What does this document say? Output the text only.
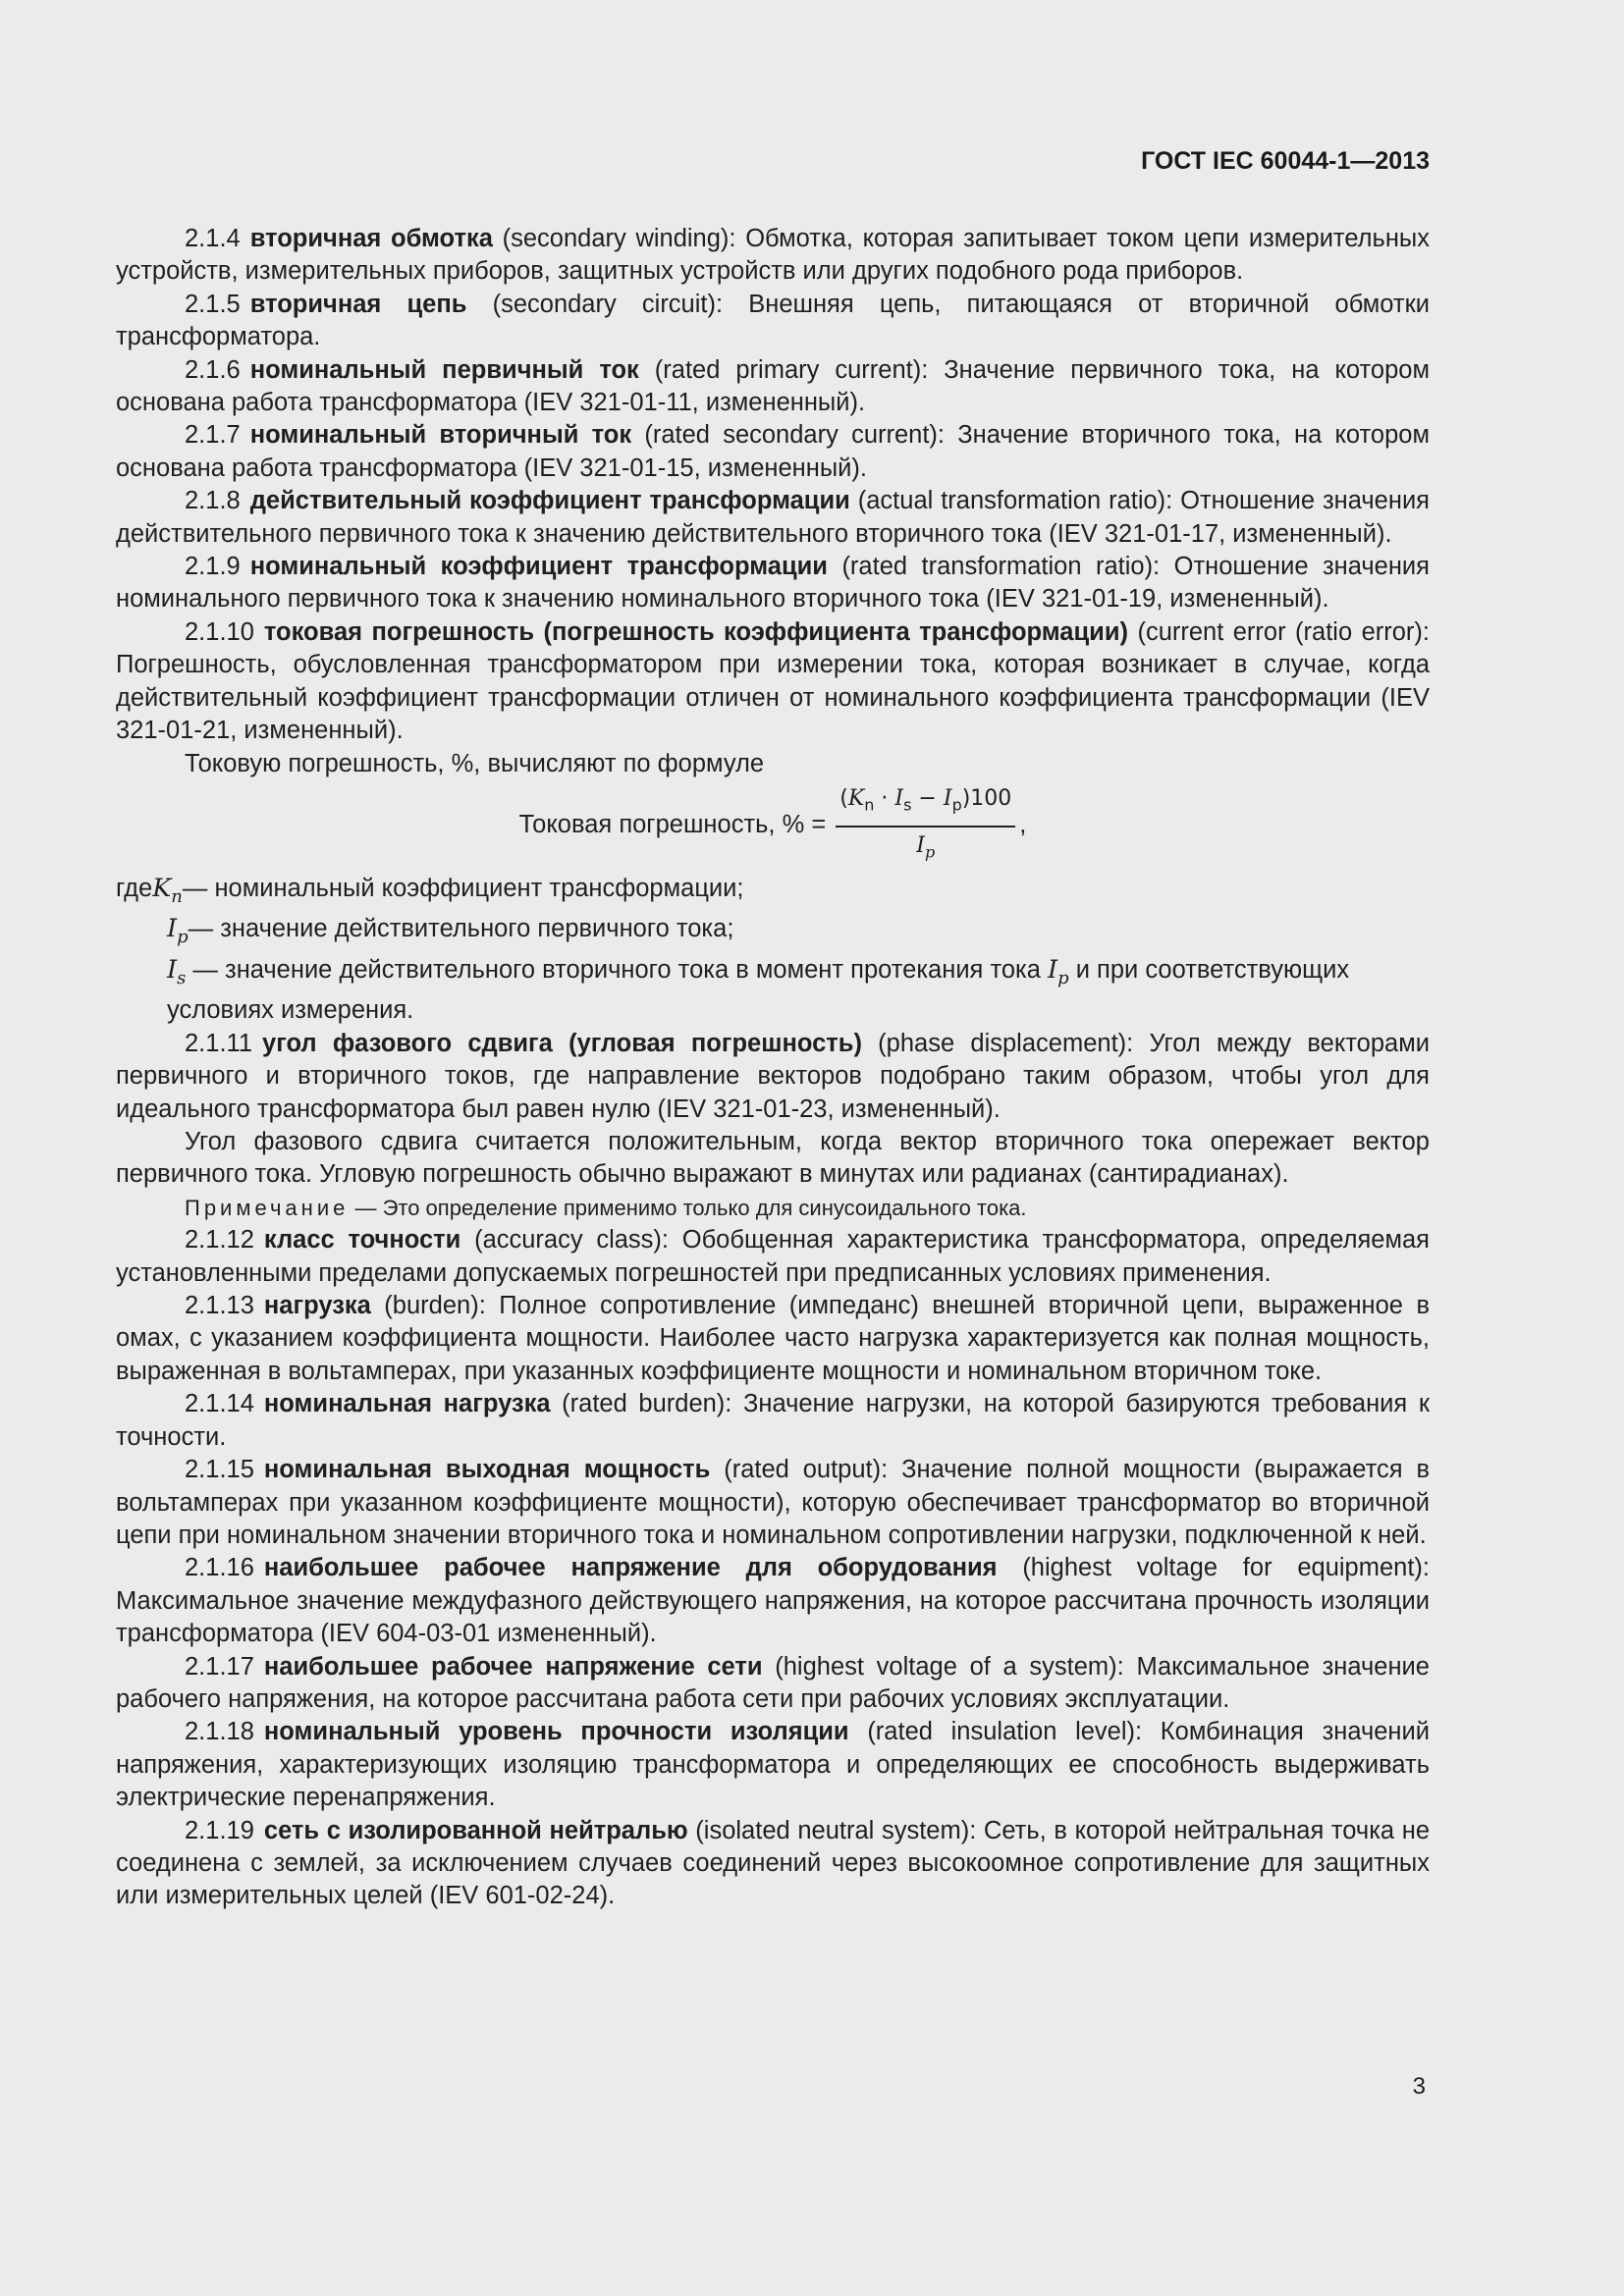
ГОСТ IEC 60044-1—2013

2.1.4 вторичная обмотка (secondary winding): Обмотка, которая запитывает током цепи измерительных устройств, измерительных приборов, защитных устройств или других подобного рода приборов.

2.1.5 вторичная цепь (secondary circuit): Внешняя цепь, питающаяся от вторичной обмотки трансформатора.

2.1.6 номинальный первичный ток (rated primary current): Значение первичного тока, на котором основана работа трансформатора (IEV 321-01-11, измененный).

2.1.7 номинальный вторичный ток (rated secondary current): Значение вторичного тока, на котором основана работа трансформатора (IEV 321-01-15, измененный).

2.1.8 действительный коэффициент трансформации (actual transformation ratio): Отношение значения действительного первичного тока к значению действительного вторичного тока (IEV 321-01-17, измененный).

2.1.9 номинальный коэффициент трансформации (rated transformation ratio): Отношение значения номинального первичного тока к значению номинального вторичного тока (IEV 321-01-19, измененный).

2.1.10 токовая погрешность (погрешность коэффициента трансформации) (current error (ratio error): Погрешность, обусловленная трансформатором при измерении тока, которая возникает в случае, когда действительный коэффициент трансформации отличен от номинального коэффициента трансформации (IEV 321-01-21, измененный).

Токовую погрешность, %, вычисляют по формуле

Токовая погрешность, % = $\frac{(K_n \cdot I_s - I_p)100}{I_p}$ ,
где $K_n$ — номинальный коэффициент трансформации;
$I_p$ — значение действительного первичного тока;
$I_s$ — значение действительного вторичного тока в момент протекания тока $I_p$ и при соответствующих условиях измерения.

2.1.11 угол фазового сдвига (угловая погрешность) (phase displacement): Угол между векторами первичного и вторичного токов, где направление векторов подобрано таким образом, чтобы угол для идеального трансформатора был равен нулю (IEV 321-01-23, измененный).

Угол фазового сдвига считается положительным, когда вектор вторичного тока опережает вектор первичного тока. Угловую погрешность обычно выражают в минутах или радианах (сантирадианах).

Примечание — Это определение применимо только для синусоидального тока.

2.1.12 класс точности (accuracy class): Обобщенная характеристика трансформатора, определяемая установленными пределами допускаемых погрешностей при предписанных условиях применения.

2.1.13 нагрузка (burden): Полное сопротивление (импеданс) внешней вторичной цепи, выраженное в омах, с указанием коэффициента мощности. Наиболее часто нагрузка характеризуется как полная мощность, выраженная в вольтамперах, при указанных коэффициенте мощности и номинальном вторичном токе.

2.1.14 номинальная нагрузка (rated burden): Значение нагрузки, на которой базируются требования к точности.

2.1.15 номинальная выходная мощность (rated output): Значение полной мощности (выражается в вольтамперах при указанном коэффициенте мощности), которую обеспечивает трансформатор во вторичной цепи при номинальном значении вторичного тока и номинальном сопротивлении нагрузки, подключенной к ней.

2.1.16 наибольшее рабочее напряжение для оборудования (highest voltage for equipment): Максимальное значение междуфазного действующего напряжения, на которое рассчитана прочность изоляции трансформатора (IEV 604-03-01 измененный).

2.1.17 наибольшее рабочее напряжение сети (highest voltage of a system): Максимальное значение рабочего напряжения, на которое рассчитана работа сети при рабочих условиях эксплуатации.

2.1.18 номинальный уровень прочности изоляции (rated insulation level): Комбинация значений напряжения, характеризующих изоляцию трансформатора и определяющих ее способность выдерживать электрические перенапряжения.

2.1.19 сеть с изолированной нейтралью (isolated neutral system): Сеть, в которой нейтральная точка не соединена с землей, за исключением случаев соединений через высокоомное сопротивление для защитных или измерительных целей (IEV 601-02-24).

3
